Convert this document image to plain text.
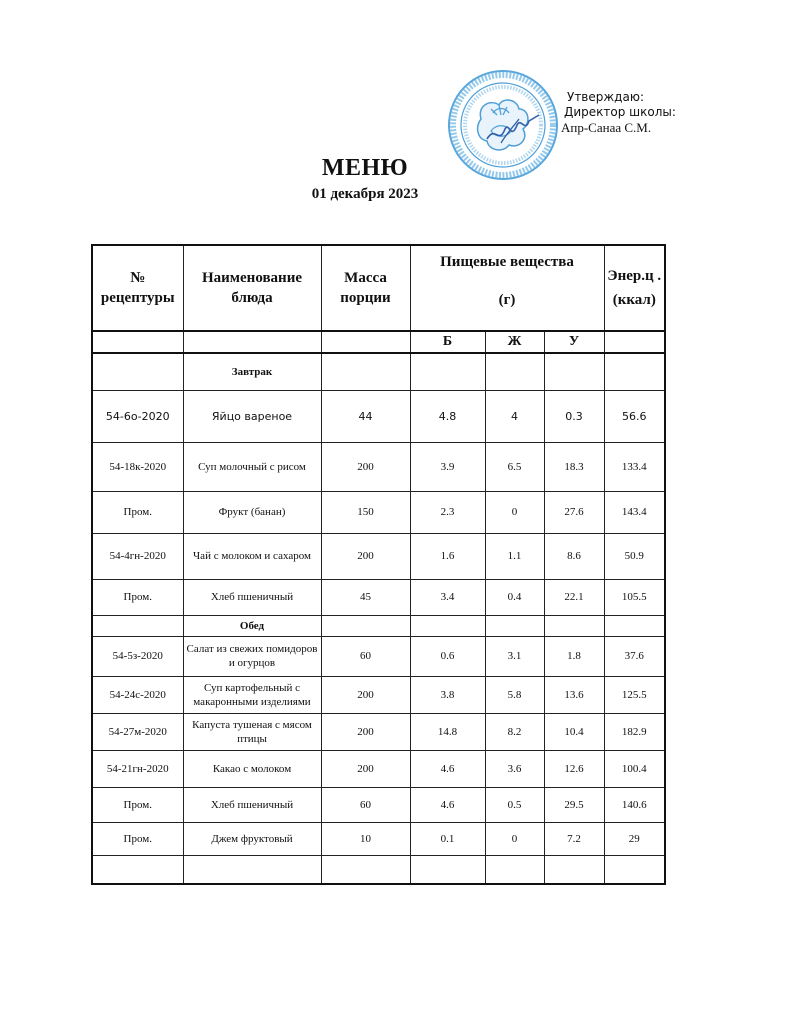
Утверждаю:
Директор школы:
Апр-Санаа С.М.
МЕНЮ
01 декабря 2023
№ рецептуры	Наименование блюда	Масса порции	Пищевые вещества
(г)			Энер.ц .
(ккал)

			Б	Ж	У	
	Завтрак					
54-6о-2020	Яйцо вареное	44	4.8	4	0.3	56.6
54-18к-2020	Суп молочный с рисом	200	3.9	6.5	18.3	133.4
Пром.	Фрукт (банан)	150	2.3	0	27.6	143.4
54-4гн-2020	Чай с молоком и сахаром	200	1.6	1.1	8.6	50.9
Пром.	Хлеб пшеничный	45	3.4	0.4	22.1	105.5
	Обед					
54-5з-2020	Салат из свежих помидоров и огурцов	60	0.6	3.1	1.8	37.6
54-24с-2020	Суп картофельный с макаронными изделиями	200	3.8	5.8	13.6	125.5
54-27м-2020	Капуста тушеная с мясом птицы	200	14.8	8.2	10.4	182.9
54-21гн-2020	Какао с молоком	200	4.6	3.6	12.6	100.4
Пром.	Хлеб пшеничный	60	4.6	0.5	29.5	140.6
Пром.	Джем фруктовый	10	0.1	0	7.2	29
